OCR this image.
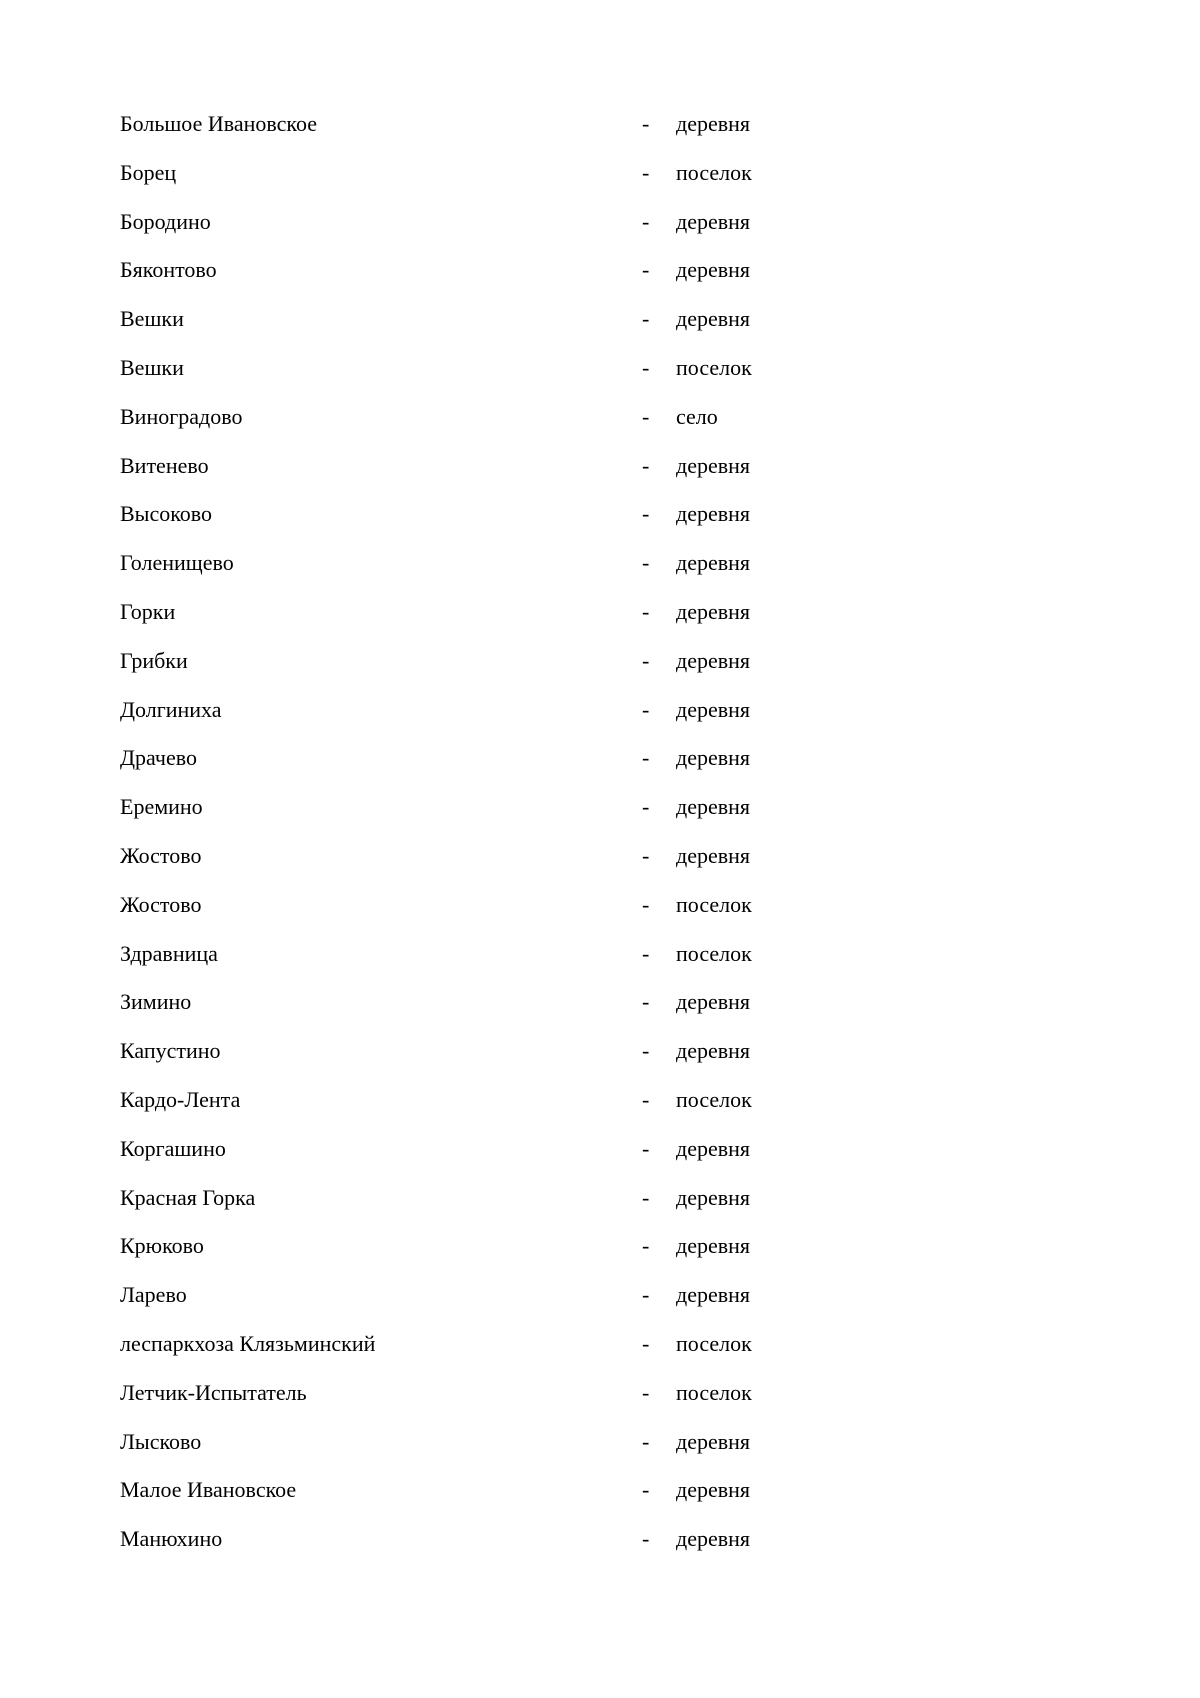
Большое Ивановское	- деревня
Борец	- поселок
Бородино	- деревня
Бяконтово	- деревня
Вешки	- деревня
Вешки	- поселок
Виноградово	- село
Витенево	- деревня
Высоково	- деревня
Голенищево	- деревня
Горки	- деревня
Грибки	- деревня
Долгиниха	- деревня
Драчево	- деревня
Еремино	- деревня
Жостово	- деревня
Жостово	- поселок
Здравница	- поселок
Зимино	- деревня
Капустино	- деревня
Кардо-Лента	- поселок
Коргашино	- деревня
Красная Горка	- деревня
Крюково	- деревня
Ларево	- деревня
леспаркхоза Клязьминский	- поселок
Летчик-Испытатель	- поселок
Лысково	- деревня
Малое Ивановское	- деревня
Манюхино	- деревня
